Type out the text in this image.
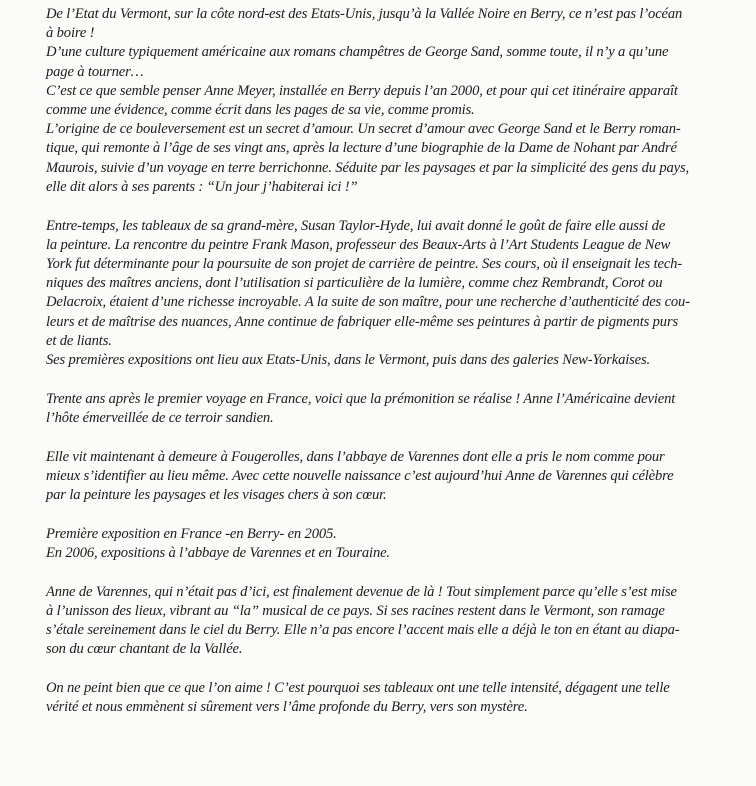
De l’Etat du Vermont, sur la côte nord-est des Etats-Unis, jusqu’à la Vallée Noire en Berry, ce n’est pas l’océan
à boire !
D’une culture typiquement américaine aux romans champêtres de George Sand, somme toute, il n’y a qu’une
page à tourner…
C’est ce que semble penser Anne Meyer, installée en Berry depuis l’an 2000, et pour qui cet itinéraire apparaît
comme une évidence, comme écrit dans les pages de sa vie, comme promis.
L’origine de ce bouleversement est un secret d’amour. Un secret d’amour avec George Sand et le Berry roman-
tique, qui remonte à l’âge de ses vingt ans, après la lecture d’une biographie de la Dame de Nohant par André
Maurois, suivie d’un voyage en terre berrichonne. Séduite par les paysages et par la simplicité des gens du pays,
elle dit alors à ses parents : “Un jour j’habiterai ici !”

Entre-temps, les tableaux de sa grand-mère, Susan Taylor-Hyde, lui avait donné le goût de faire elle aussi de
la peinture. La rencontre du peintre Frank Mason, professeur des Beaux-Arts à l’Art Students League de New
York fut déterminante pour la poursuite de son projet de carrière de peintre. Ses cours, où il enseignait les tech-
niques des maîtres anciens, dont l’utilisation si particulière de la lumière, comme chez Rembrandt, Corot ou
Delacroix, étaient d’une richesse incroyable. A la suite de son maître, pour une recherche d’authenticité des cou-
leurs et de maîtrise des nuances, Anne continue de fabriquer elle-même ses peintures à partir de pigments purs
et de liants.
Ses premières expositions ont lieu aux Etats-Unis, dans le Vermont, puis dans des galeries New-Yorkaises.

Trente ans après le premier voyage en France, voici que la prémonition se réalise ! Anne l’Américaine devient
l’hôte émerveillée de ce terroir sandien.

Elle vit maintenant à demeure à Fougerolles, dans l’abbaye de Varennes dont elle a pris le nom comme pour
mieux s’identifier au lieu même. Avec cette nouvelle naissance c’est aujourd’hui Anne de Varennes qui célèbre
par la peinture les paysages et les visages chers à son cœur.

Première exposition en France -en Berry- en 2005.
En 2006, expositions à l’abbaye de Varennes et en Touraine.

Anne de Varennes, qui n’était pas d’ici, est finalement devenue de là ! Tout simplement parce qu’elle s’est mise
à l’unisson des lieux, vibrant au “la” musical de ce pays. Si ses racines restent dans le Vermont, son ramage
s’étale sereinement dans le ciel du Berry. Elle n’a pas encore l’accent mais elle a déjà le ton en étant au diapa-
son du cœur chantant de la Vallée.

On ne peint bien que ce que l’on aime ! C’est pourquoi ses tableaux ont une telle intensité, dégagent une telle
vérité et nous emmènent si sûrement vers l’âme profonde du Berry, vers son mystère.
